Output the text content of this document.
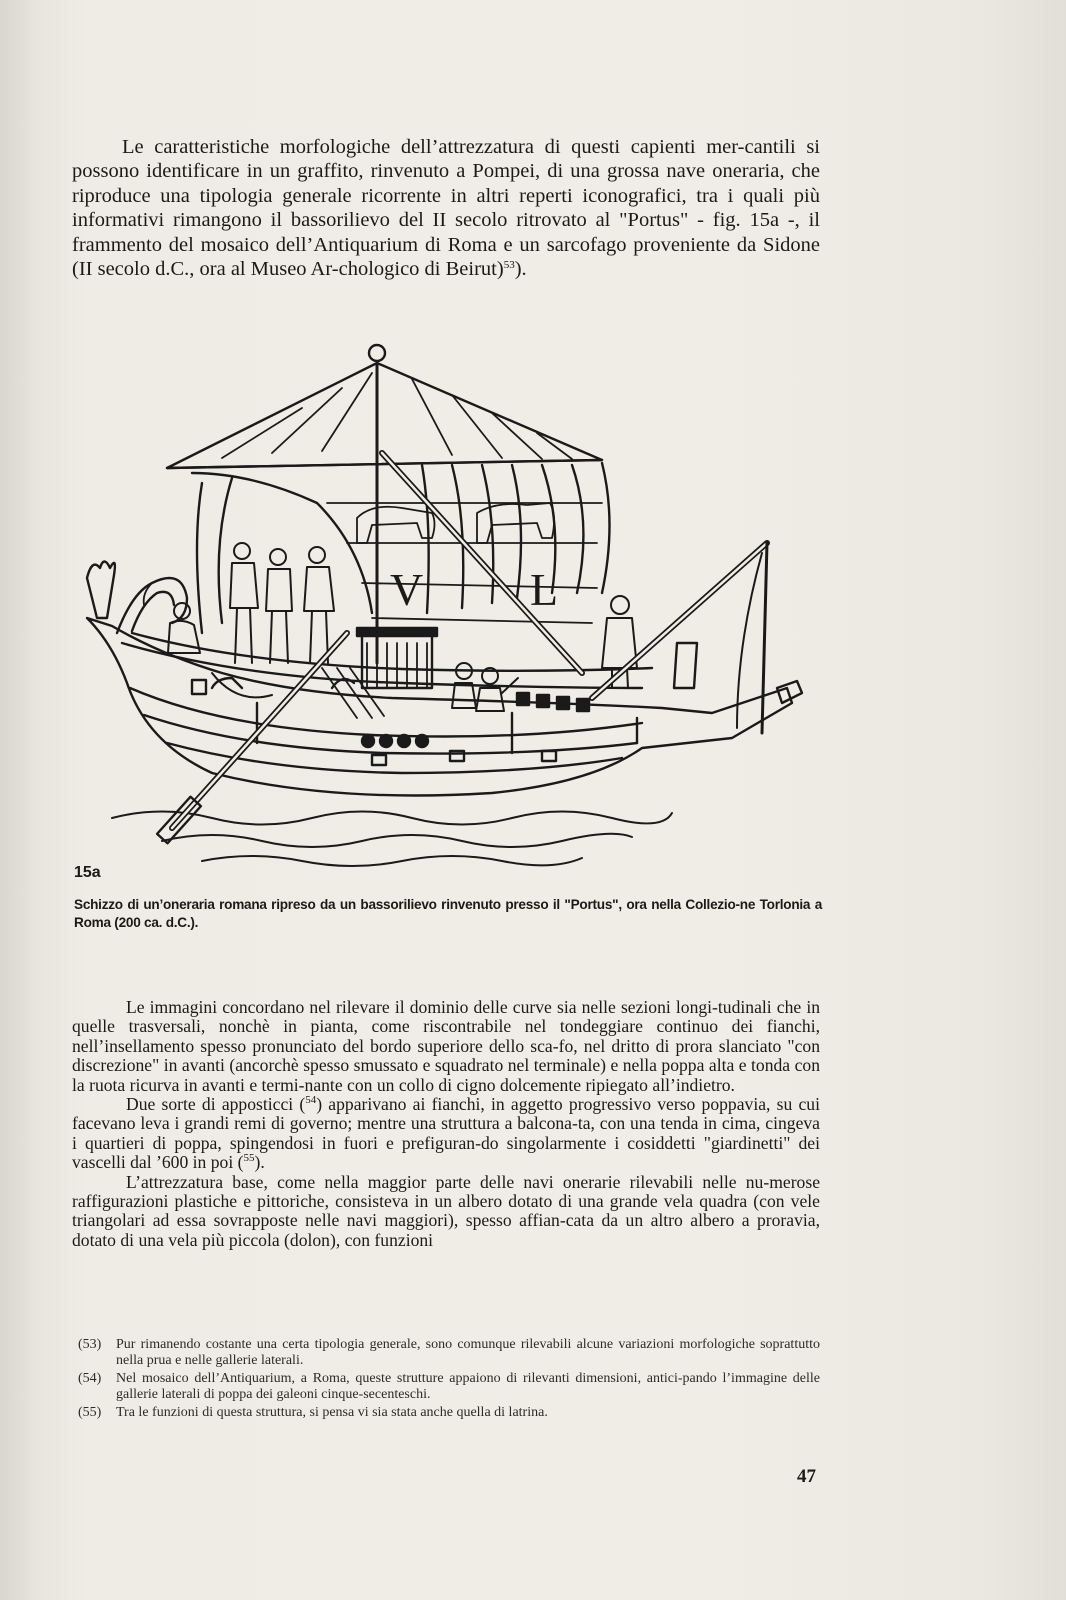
Le caratteristiche morfologiche dell’attrezzatura di questi capienti mer-cantili si possono identificare in un graffito, rinvenuto a Pompei, di una grossa nave oneraria, che riproduce una tipologia generale ricorrente in altri reperti iconografici, tra i quali più informativi rimangono il bassorilievo del II secolo ritrovato al "Portus" - fig. 15a -, il frammento del mosaico dell’Antiquarium di Roma e un sarcofago proveniente da Sidone (II secolo d.C., ora al Museo Ar-chologico di Beirut)$^{53}$).

V L
15a

Schizzo di un’oneraria romana ripreso da un bassorilievo rinvenuto presso il "Portus", ora nella Collezio-ne Torlonia a Roma (200 ca. d.C.).

Le immagini concordano nel rilevare il dominio delle curve sia nelle sezioni longi-tudinali che in quelle trasversali, nonchè in pianta, come riscontrabile nel tondeggiare continuo dei fianchi, nell’insellamento spesso pronunciato del bordo superiore dello sca-fo, nel dritto di prora slanciato "con discrezione" in avanti (ancorchè spesso smussato e squadrato nel terminale) e nella poppa alta e tonda con la ruota ricurva in avanti e termi-nante con un collo di cigno dolcemente ripiegato all’indietro.

Due sorte di apposticci ($^{54}$) apparivano ai fianchi, in aggetto progressivo verso poppavia, su cui facevano leva i grandi remi di governo; mentre una struttura a balcona-ta, con una tenda in cima, cingeva i quartieri di poppa, spingendosi in fuori e prefiguran-do singolarmente i cosiddetti "giardinetti" dei vascelli dal ’600 in poi ($^{55}$).

L’attrezzatura base, come nella maggior parte delle navi onerarie rilevabili nelle nu-merose raffigurazioni plastiche e pittoriche, consisteva in un albero dotato di una grande vela quadra (con vele triangolari ad essa sovrapposte nelle navi maggiori), spesso affian-cata da un altro albero a proravia, dotato di una vela più piccola (dolon), con funzioni

(53)	Pur rimanendo costante una certa tipologia generale, sono comunque rilevabili alcune variazioni morfologiche soprattutto nella prua e nelle gallerie laterali.
(54)	Nel mosaico dell’Antiquarium, a Roma, queste strutture appaiono di rilevanti dimensioni, antici-pando l’immagine delle gallerie laterali di poppa dei galeoni cinque-secenteschi.
(55)	Tra le funzioni di questa struttura, si pensa vi sia stata anche quella di latrina.
47
